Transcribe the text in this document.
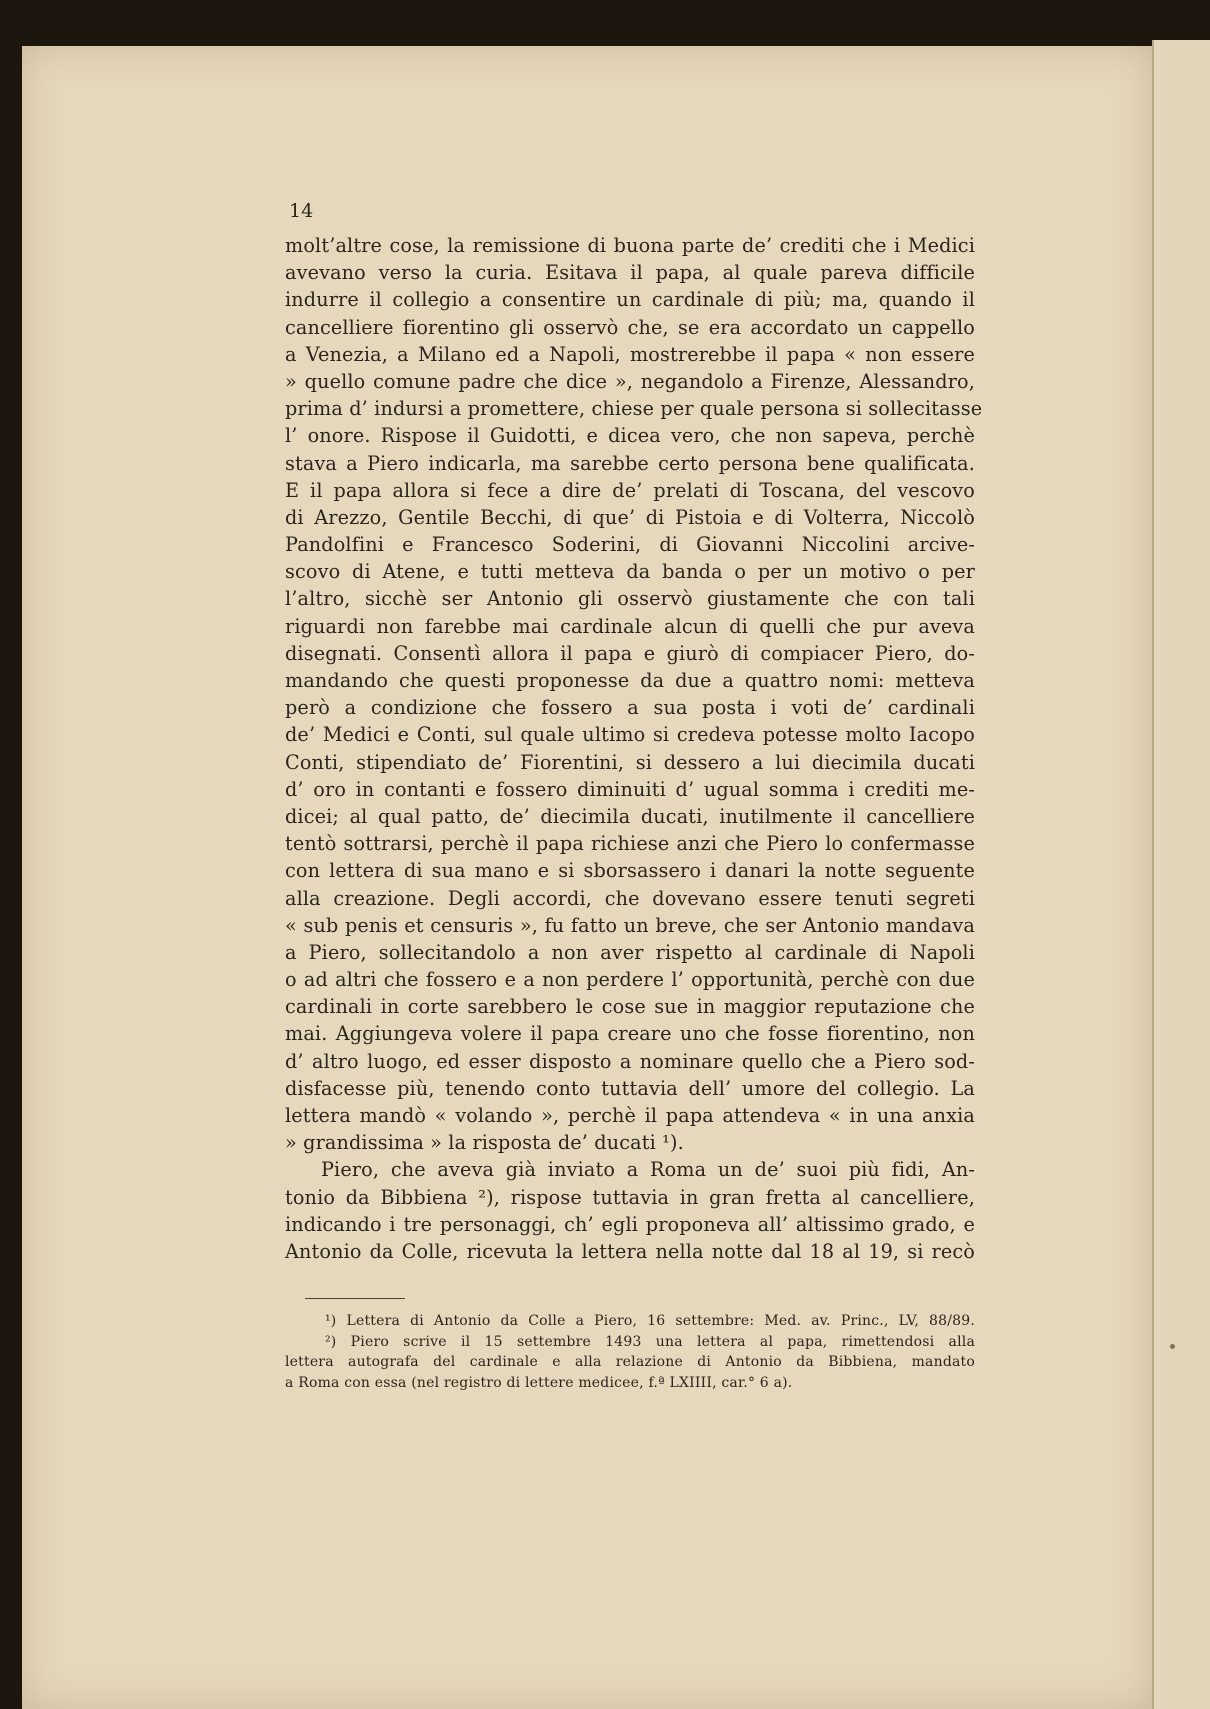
14
molt’altre cose, la remissione di buona parte de’ crediti che i Medici
avevano verso la curia. Esitava il papa, al quale pareva difficile
indurre il collegio a consentire un cardinale di più; ma, quando il
cancelliere fiorentino gli osservò che, se era accordato un cappello
a Venezia, a Milano ed a Napoli, mostrerebbe il papa « non essere
» quello comune padre che dice », negandolo a Firenze, Alessandro,
prima d’ indursi a promettere, chiese per quale persona si sollecitasse
l’ onore. Rispose il Guidotti, e dicea vero, che non sapeva, perchè
stava a Piero indicarla, ma sarebbe certo persona bene qualificata.
E il papa allora si fece a dire de’ prelati di Toscana, del vescovo
di Arezzo, Gentile Becchi, di que’ di Pistoia e di Volterra, Niccolò
Pandolfini e Francesco Soderini, di Giovanni Niccolini arcive-
scovo di Atene, e tutti metteva da banda o per un motivo o per
l’altro, sicchè ser Antonio gli osservò giustamente che con tali
riguardi non farebbe mai cardinale alcun di quelli che pur aveva
disegnati. Consentì allora il papa e giurò di compiacer Piero, do-
mandando che questi proponesse da due a quattro nomi: metteva
però a condizione che fossero a sua posta i voti de’ cardinali
de’ Medici e Conti, sul quale ultimo si credeva potesse molto Iacopo
Conti, stipendiato de’ Fiorentini, si dessero a lui diecimila ducati
d’ oro in contanti e fossero diminuiti d’ ugual somma i crediti me-
dicei; al qual patto, de’ diecimila ducati, inutilmente il cancelliere
tentò sottrarsi, perchè il papa richiese anzi che Piero lo confermasse
con lettera di sua mano e si sborsassero i danari la notte seguente
alla creazione. Degli accordi, che dovevano essere tenuti segreti
« sub penis et censuris », fu fatto un breve, che ser Antonio mandava
a Piero, sollecitandolo a non aver rispetto al cardinale di Napoli
o ad altri che fossero e a non perdere l’ opportunità, perchè con due
cardinali in corte sarebbero le cose sue in maggior reputazione che
mai. Aggiungeva volere il papa creare uno che fosse fiorentino, non
d’ altro luogo, ed esser disposto a nominare quello che a Piero sod-
disfacesse più, tenendo conto tuttavia dell’ umore del collegio. La
lettera mandò « volando », perchè il papa attendeva « in una anxia
» grandissima » la risposta de’ ducati ¹).
Piero, che aveva già inviato a Roma un de’ suoi più fidi, An-
tonio da Bibbiena ²), rispose tuttavia in gran fretta al cancelliere,
indicando i tre personaggi, ch’ egli proponeva all’ altissimo grado, e
Antonio da Colle, ricevuta la lettera nella notte dal 18 al 19, si recò
¹) Lettera di Antonio da Colle a Piero, 16 settembre: Med. av. Princ., LV, 88/89.
²) Piero scrive il 15 settembre 1493 una lettera al papa, rimettendosi alla
lettera autografa del cardinale e alla relazione di Antonio da Bibbiena, mandato
a Roma con essa (nel registro di lettere medicee, f.ª LXIIII, car.° 6 a).
